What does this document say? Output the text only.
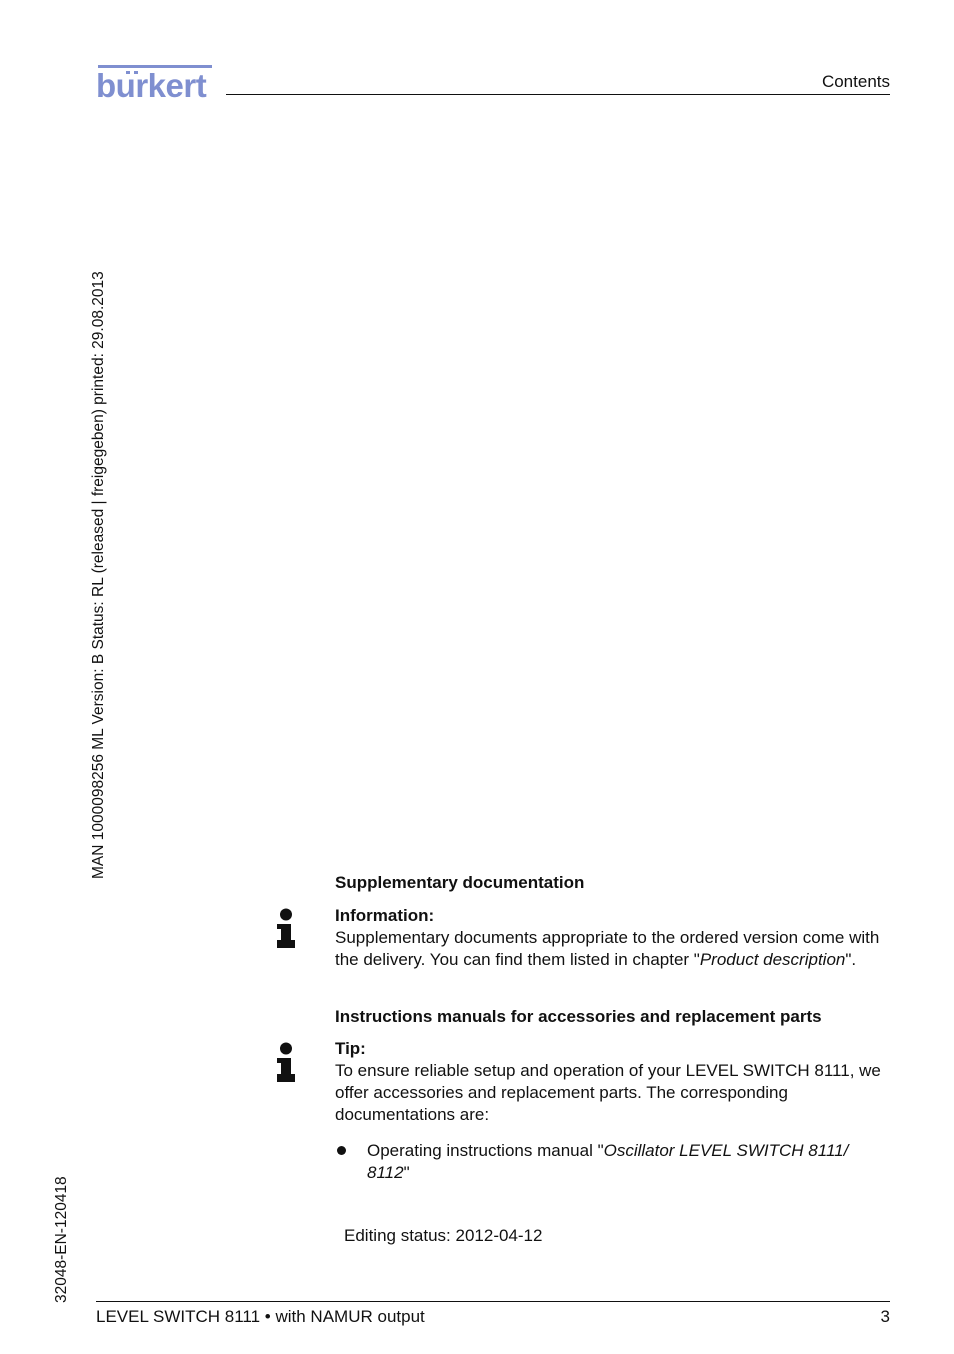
burkert	Contents
MAN 1000098256 ML Version: B Status: RL (released | freigegeben) printed: 29.08.2013
32048-EN-120418
Supplementary documentation

Information:

Supplementary documents appropriate to the ordered version come with the delivery. You can find them listed in chapter "Product description".

Instructions manuals for accessories and replacement parts

Tip:

To ensure reliable setup and operation of your LEVEL SWITCH 8111, we offer accessories and replacement parts. The corresponding documentations are:

Operating instructions manual "Oscillator LEVEL SWITCH 8111/ 8112"
Editing status: 2012-04-12
LEVEL SWITCH 8111 • with NAMUR output	3
